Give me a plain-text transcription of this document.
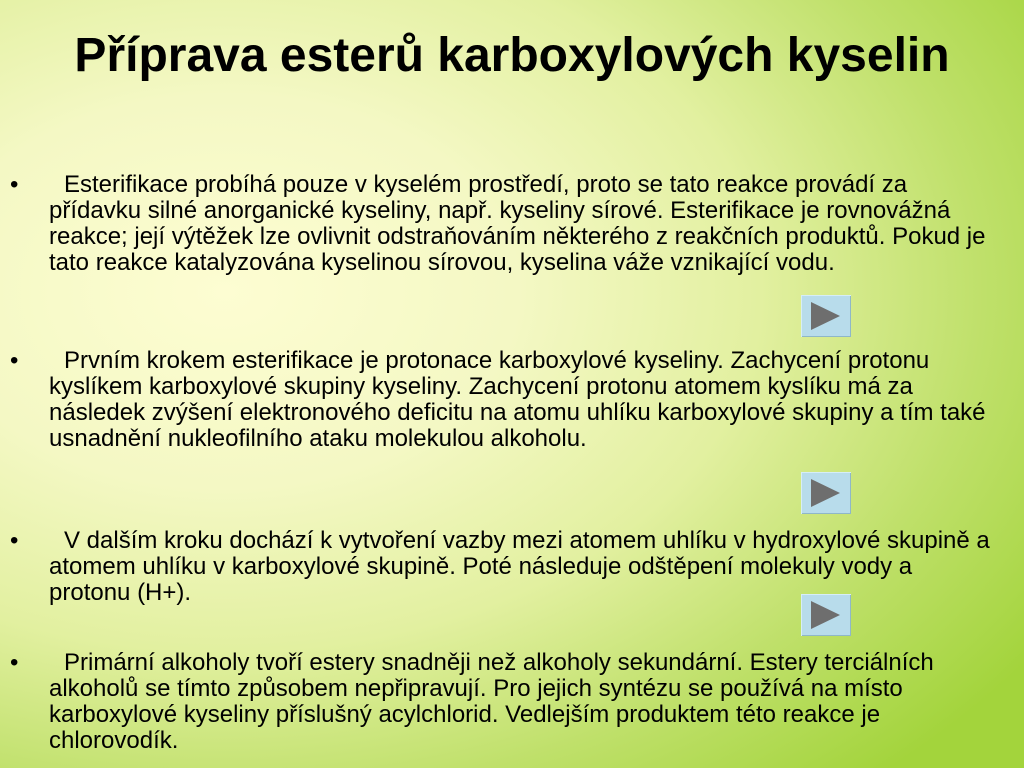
Příprava esterů karboxylových kyselin
•	Esterifikace probíhá pouze v kyselém prostředí, proto se tato reakce provádí za přídavku silné anorganické kyseliny, např. kyseliny sírové. Esterifikace je rovnovážná reakce; její výtěžek lze ovlivnit odstraňováním některého z reakčních produktů. Pokud je tato reakce katalyzována kyselinou sírovou, kyselina váže vznikající vodu.
•	Prvním krokem esterifikace je protonace karboxylové kyseliny. Zachycení protonu kyslíkem karboxylové skupiny kyseliny. Zachycení protonu atomem kyslíku má za následek zvýšení elektronového deficitu na atomu uhlíku karboxylové skupiny a tím také usnadnění nukleofilního ataku molekulou alkoholu.
•	V dalším kroku dochází k vytvoření vazby mezi atomem uhlíku v hydroxylové skupině a atomem uhlíku v karboxylové skupině. Poté následuje odštěpení molekuly vody a protonu (H+).
•	Primární alkoholy tvoří estery snadněji než alkoholy sekundární. Estery terciálních alkoholů se tímto způsobem nepřipravují. Pro jejich syntézu se používá na místo karboxylové kyseliny příslušný acylchlorid. Vedlejším produktem této reakce je chlorovodík.
